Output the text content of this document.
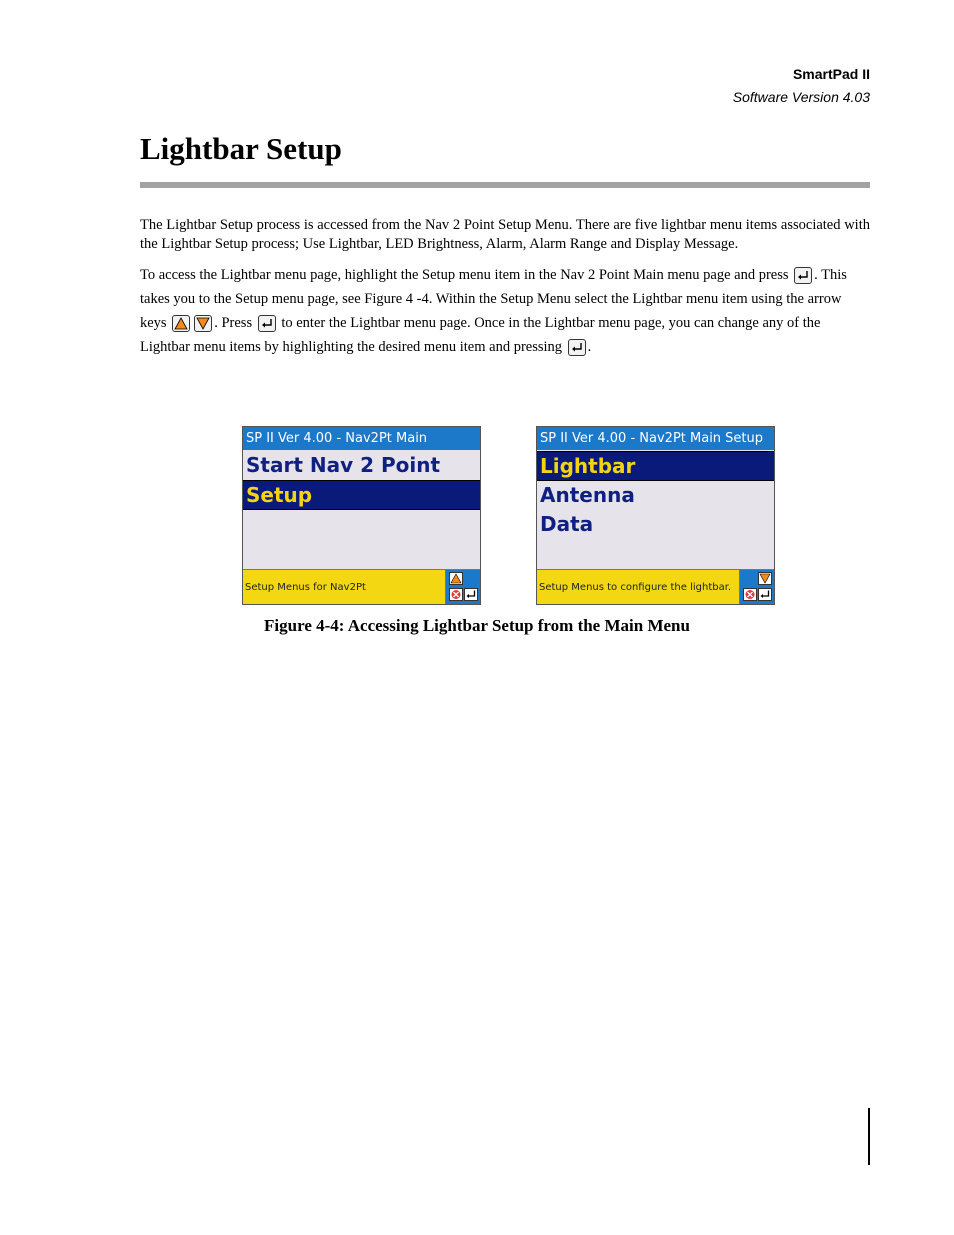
SmartPad II
Software Version 4.03
Lightbar Setup

The Lightbar Setup process is accessed from the Nav 2 Point Setup Menu. There are five lightbar menu items associated with the Lightbar Setup process; Use Lightbar, LED Brightness, Alarm, Alarm Range and Display Message.

To access the Lightbar menu page, highlight the Setup menu item in the Nav 2 Point Main menu page and press
. This takes you to the Setup menu page, see Figure 4 -4. Within the Setup Menu select the Lightbar menu item using the arrow keys	. Press
to enter the Lightbar menu page. Once in the Lightbar menu page, you can change any of the Lightbar menu items by highlighting the desired menu item and pressing
.

SP II Ver 4.00 - Nav2Pt Main
Start Nav 2 Point
Setup
Setup Menus for Nav2Pt
SP II Ver 4.00 - Nav2Pt Main Setup
Lightbar
Antenna
Data
Setup Menus to configure the lightbar.
Figure 4-4: Accessing Lightbar Setup from the Main Menu
